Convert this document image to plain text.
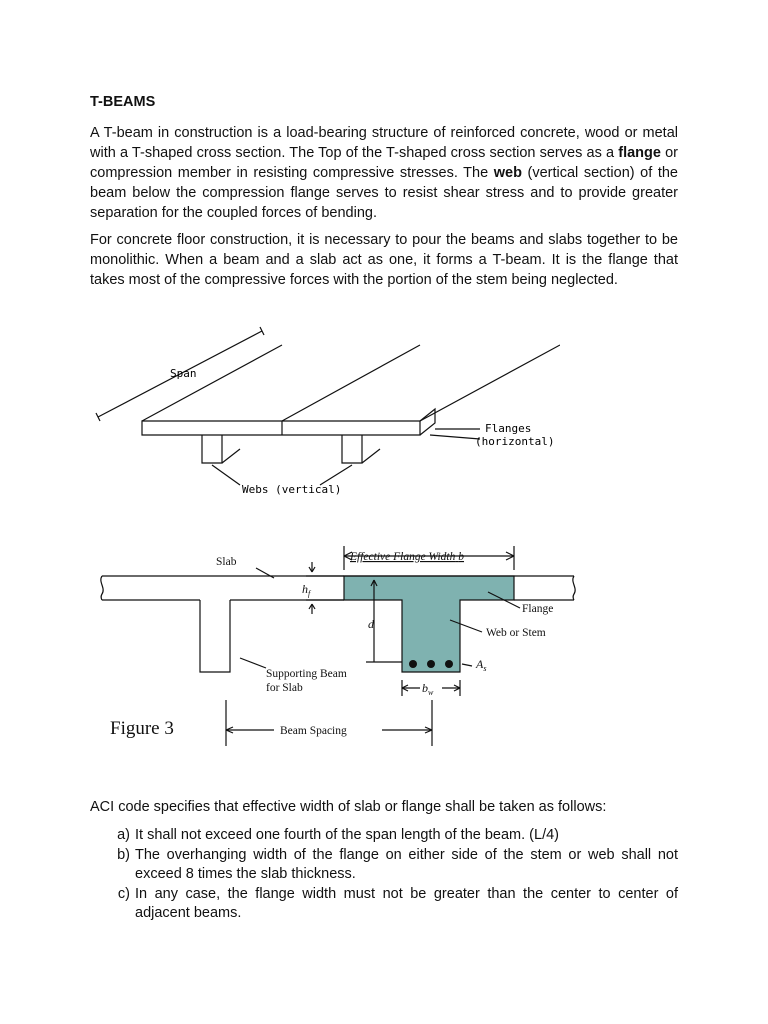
T-BEAMS

A T-beam in construction is a load-bearing structure of reinforced concrete, wood or metal with a T-shaped cross section. The Top of the T-shaped cross section serves as a flange or compression member in resisting compressive stresses. The web (vertical section) of the beam below the compression flange serves to resist shear stress and to provide greater separation for the coupled forces of bending.

For concrete floor construction, it is necessary to pour the beams and slabs together to be monolithic. When a beam and a slab act as one, it forms a T-beam. It is the flange that takes most of the compressive forces with the portion of the stem being neglected.

Span
Flanges
(horizontal)
Webs (vertical)
Slab	Effective Flange Width b
$h_f$
d
Flange
Web or Stem
$A_s$
$b_w$
Supporting Beam
for Slab
Figure 3	Beam Spacing

ACI code specifies that effective width of slab or flange shall be taken as follows:

a) It shall not exceed one fourth of the span length of the beam. (L/4)
b) The overhanging width of the flange on either side of the stem or web shall not exceed 8 times the slab thickness.
c) In any case, the flange width must not be greater than the center to center of adjacent beams.
